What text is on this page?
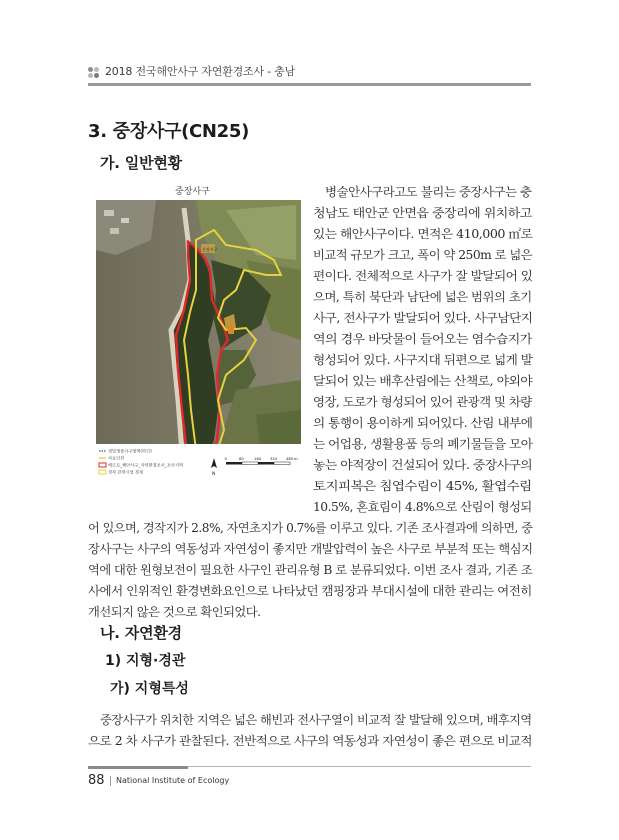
2018 전국해안사구 자연환경조사 - 충남
3. 중장사구(CN25)
가. 일반현황
중장사구
중장사구
정밀생물사구영역(라인)
자료인천
에르토_해안사구_자연환경조사_조사지역
경작 관련시설 경계	N
0	80	160 320 480 m
병술안사구라고도 불리는 중장사구는 충
청남도 태안군 안면읍 중장리에 위치하고
있는 해안사구이다. 면적은 410,000 ㎡로
비교적 규모가 크고, 폭이 약 250m 로 넓은
편이다. 전체적으로 사구가 잘 발달되어 있
으며, 특히 북단과 남단에 넓은 범위의 초기
사구, 전사구가 발달되어 있다. 사구남단지
역의 경우 바닷물이 들어오는 염수습지가
형성되어 있다. 사구지대 뒤편으로 넓게 발
달되어 있는 배후산림에는 산책로, 야외야
영장, 도로가 형성되어 있어 관광객 및 차량
의 통행이 용이하게 되어있다. 산림 내부에
는 어업용, 생활용품 등의 폐기물들을 모아
놓는 야적장이 건설되어 있다. 중장사구의
토지피복은 침엽수림이 45%, 활엽수림
10.5%, 혼효림이 4.8%으로 산림이 형성되
어 있으며, 경작지가 2.8%, 자연초지가 0.7%를 이루고 있다. 기존 조사결과에 의하면, 중
장사구는 사구의 역동성과 자연성이 좋지만 개발압력이 높은 사구로 부분적 또는 핵심지
역에 대한 원형보전이 필요한 사구인 관리유형 B 로 분류되었다. 이번 조사 결과, 기존 조
사에서 인위적인 환경변화요인으로 나타났던 캠핑장과 부대시설에 대한 관리는 여전히
개선되지 않은 것으로 확인되었다.
나. 자연환경
1) 지형·경관
가) 지형특성
중장사구가 위치한 지역은 넓은 해빈과 전사구열이 비교적 잘 발달해 있으며, 배후지역
으로 2 차 사구가 관찰된다. 전반적으로 사구의 역동성과 자연성이 좋은 편으로 비교적
88 National Institute of Ecology
